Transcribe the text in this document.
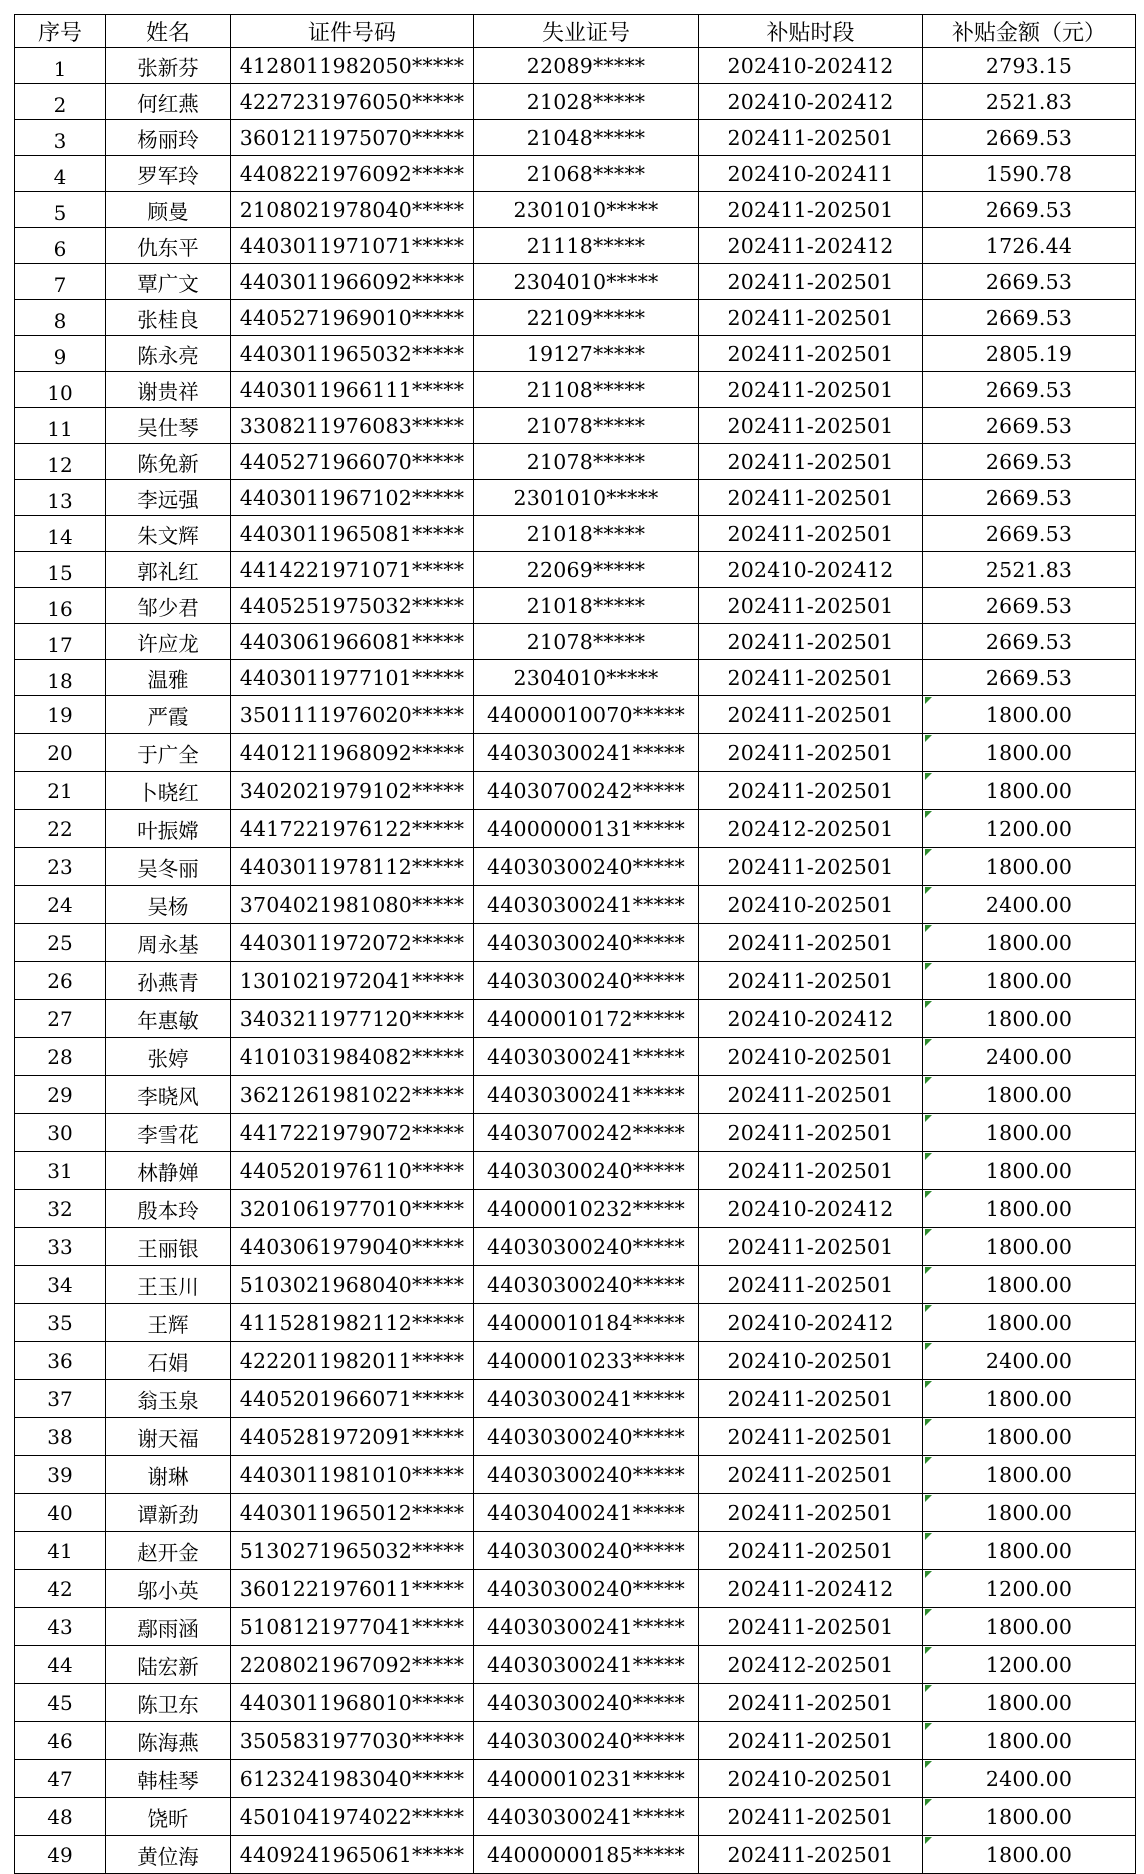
序号	姓名	证件号码	失业证号	补贴时段	补贴金额（元）
1	张新芬	4128011982050*****	22089*****	202410-202412	2793.15
2	何红燕	4227231976050*****	21028*****	202410-202412	2521.83
3	杨丽玲	3601211975070*****	21048*****	202411-202501	2669.53
4	罗军玲	4408221976092*****	21068*****	202410-202411	1590.78
5	顾曼	2108021978040*****	2301010*****	202411-202501	2669.53
6	仇东平	4403011971071*****	21118*****	202411-202412	1726.44
7	覃广文	4403011966092*****	2304010*****	202411-202501	2669.53
8	张桂良	4405271969010*****	22109*****	202411-202501	2669.53
9	陈永亮	4403011965032*****	19127*****	202411-202501	2805.19
10	谢贵祥	4403011966111*****	21108*****	202411-202501	2669.53
11	吴仕琴	3308211976083*****	21078*****	202411-202501	2669.53
12	陈免新	4405271966070*****	21078*****	202411-202501	2669.53
13	李远强	4403011967102*****	2301010*****	202411-202501	2669.53
14	朱文辉	4403011965081*****	21018*****	202411-202501	2669.53
15	郭礼红	4414221971071*****	22069*****	202410-202412	2521.83
16	邹少君	4405251975032*****	21018*****	202411-202501	2669.53
17	许应龙	4403061966081*****	21078*****	202411-202501	2669.53
18	温雅	4403011977101*****	2304010*****	202411-202501	2669.53
19	严霞	3501111976020*****	44000010070*****	202411-202501	1800.00
20	于广全	4401211968092*****	44030300241*****	202411-202501	1800.00
21	卜晓红	3402021979102*****	44030700242*****	202411-202501	1800.00
22	叶振嫦	4417221976122*****	44000000131*****	202412-202501	1200.00
23	吴冬丽	4403011978112*****	44030300240*****	202411-202501	1800.00
24	吴杨	3704021981080*****	44030300241*****	202410-202501	2400.00
25	周永基	4403011972072*****	44030300240*****	202411-202501	1800.00
26	孙燕青	1301021972041*****	44030300240*****	202411-202501	1800.00
27	年惠敏	3403211977120*****	44000010172*****	202410-202412	1800.00
28	张婷	4101031984082*****	44030300241*****	202410-202501	2400.00
29	李晓风	3621261981022*****	44030300241*****	202411-202501	1800.00
30	李雪花	4417221979072*****	44030700242*****	202411-202501	1800.00
31	林静婵	4405201976110*****	44030300240*****	202411-202501	1800.00
32	殷本玲	3201061977010*****	44000010232*****	202410-202412	1800.00
33	王丽银	4403061979040*****	44030300240*****	202411-202501	1800.00
34	王玉川	5103021968040*****	44030300240*****	202411-202501	1800.00
35	王辉	4115281982112*****	44000010184*****	202410-202412	1800.00
36	石娟	4222011982011*****	44000010233*****	202410-202501	2400.00
37	翁玉泉	4405201966071*****	44030300241*****	202411-202501	1800.00
38	谢天福	4405281972091*****	44030300240*****	202411-202501	1800.00
39	谢琳	4403011981010*****	44030300240*****	202411-202501	1800.00
40	谭新劲	4403011965012*****	44030400241*****	202411-202501	1800.00
41	赵开金	5130271965032*****	44030300240*****	202411-202501	1800.00
42	邬小英	3601221976011*****	44030300240*****	202411-202412	1200.00
43	鄢雨涵	5108121977041*****	44030300241*****	202411-202501	1800.00
44	陆宏新	2208021967092*****	44030300241*****	202412-202501	1200.00
45	陈卫东	4403011968010*****	44030300240*****	202411-202501	1800.00
46	陈海燕	3505831977030*****	44030300240*****	202411-202501	1800.00
47	韩桂琴	6123241983040*****	44000010231*****	202410-202501	2400.00
48	饶昕	4501041974022*****	44030300241*****	202411-202501	1800.00
49	黄位海	4409241965061*****	44000000185*****	202411-202501	1800.00
